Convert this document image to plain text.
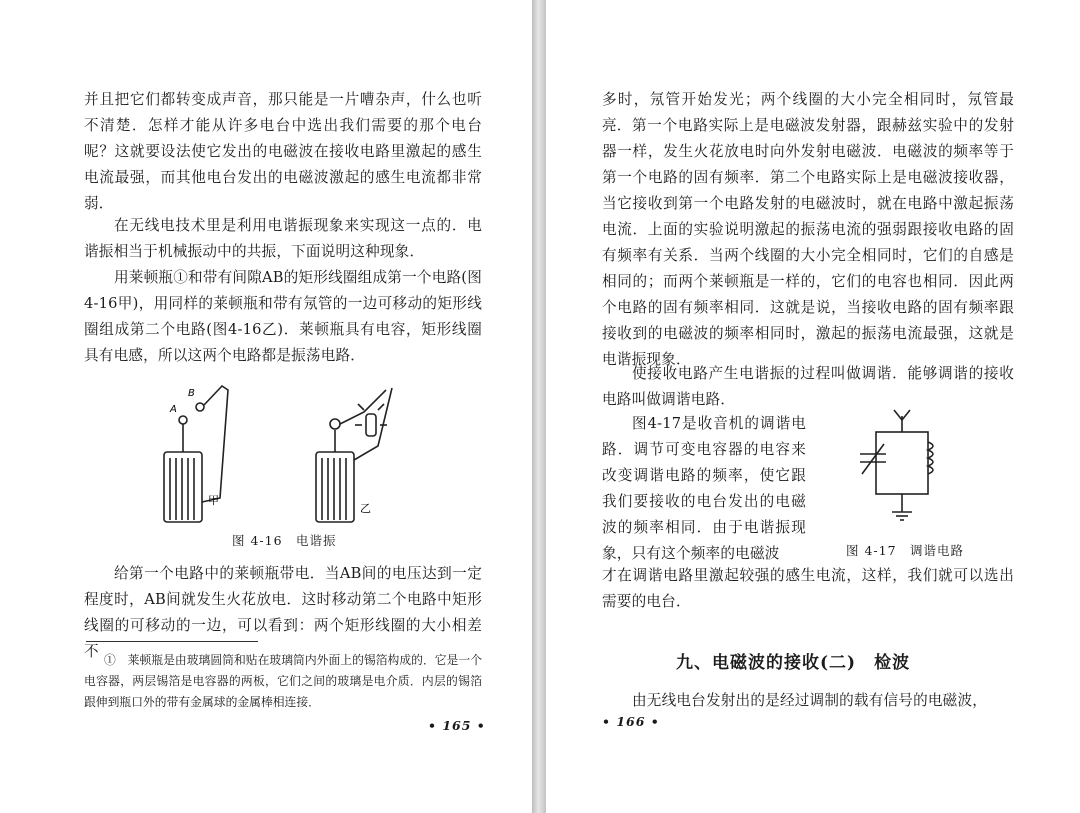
并且把它们都转变成声音，那只能是一片嘈杂声，什么也听不清楚．怎样才能从许多电台中选出我们需要的那个电台呢？这就要设法使它发出的电磁波在接收电路里激起的感生电流最强，而其他电台发出的电磁波激起的感生电流都非常弱．

在无线电技术里是利用电谐振现象来实现这一点的．电谐振相当于机械振动中的共振，下面说明这种现象．

用莱顿瓶①和带有间隙AB的矩形线圈组成第一个电路(图4-16甲)，用同样的莱顿瓶和带有氖管的一边可移动的矩形线圈组成第二个电路(图4-16乙)．莱顿瓶具有电容，矩形线圈具有电感，所以这两个电路都是振荡电路．

A
B
甲
乙

图 4-16　电谐振

给第一个电路中的莱顿瓶带电．当AB间的电压达到一定程度时，AB间就发生火花放电．这时移动第二个电路中矩形线圈的可移动的一边，可以看到：两个矩形线圈的大小相差不 ①　莱顿瓶是由玻璃圆筒和贴在玻璃筒内外面上的锡箔构成的．它是一个电容器，两层锡箔是电容器的两板，它们之间的玻璃是电介质．内层的锡箔跟伸到瓶口外的带有金属球的金属棒相连接．

• 165 •

多时，氖管开始发光；两个线圈的大小完全相同时，氖管最亮． 第一个电路实际上是电磁波发射器，跟赫兹实验中的发射器一样，发生火花放电时向外发射电磁波．电磁波的频率等于第一个电路的固有频率．第二个电路实际上是电磁波接收器，当它接收到第一个电路发射的电磁波时，就在电路中激起振荡电流．上面的实验说明激起的振荡电流的强弱跟接收电路的固有频率有关系．当两个线圈的大小完全相同时，它们的自感是相同的；而两个莱顿瓶是一样的，它们的电容也相同．因此两个电路的固有频率相同．这就是说，当接收电路的固有频率跟接收到的电磁波的频率相同时，激起的振荡电流最强，这就是电谐振现象．

使接收电路产生电谐振的过程叫做调谐．能够调谐的接收电路叫做调谐电路．

图4-17是收音机的调谐电路．调节可变电容器的电容来改变调谐电路的频率，使它跟我们要接收的电台发出的电磁波的频率相同．由于电谐振现象，只有这个频率的电磁波	图 4-17　调谐电路

才在调谐电路里激起较强的感生电流，这样，我们就可以选出需要的电台．

• 166 •
九、电磁波的接收(二)　检波

由无线电台发射出的是经过调制的载有信号的电磁波，
